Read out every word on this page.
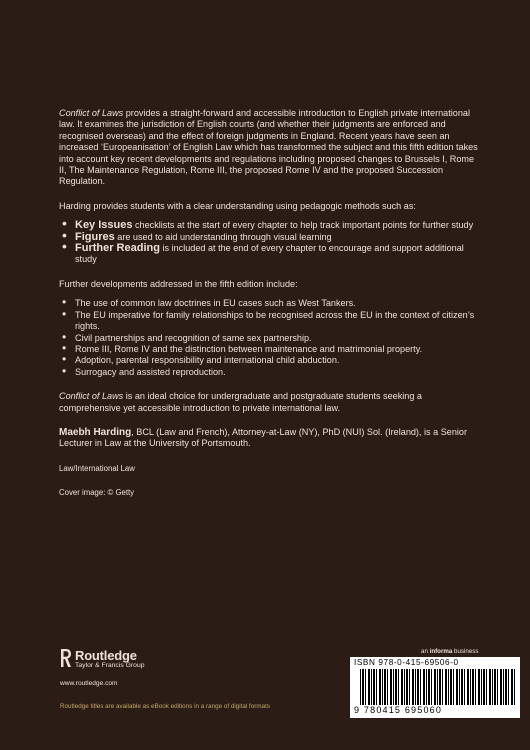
Conflict of Laws provides a straight-forward and accessible introduction to English private international law. It examines the jurisdiction of English courts (and whether their judgments are enforced and recognised overseas) and the effect of foreign judgments in England. Recent years have seen an increased ‘Europeanisation’ of English Law which has transformed the subject and this fifth edition takes into account key recent developments and regulations including proposed changes to Brussels I, Rome II, The Maintenance Regulation, Rome III, the proposed Rome IV and the proposed Succession Regulation.

Harding provides students with a clear understanding using pedagogic methods such as:

• Key Issues checklists at the start of every chapter to help track important points for further study
• Figures are used to aid understanding through visual learning
• Further Reading is included at the end of every chapter to encourage and support additional study

Further developments addressed in the fifth edition include:

• The use of common law doctrines in EU cases such as West Tankers.
• The EU imperative for family relationships to be recognised across the EU in the context of citizen’s rights.
• Civil partnerships and recognition of same sex partnership.
• Rome III, Rome IV and the distinction between maintenance and matrimonial property.
• Adoption, parental responsibility and international child abduction.
• Surrogacy and assisted reproduction.

Conflict of Laws is an ideal choice for undergraduate and postgraduate students seeking a comprehensive yet accessible introduction to private international law.

Maebh Harding, BCL (Law and French), Attorney-at-Law (NY), PhD (NUI) Sol. (Ireland), is a Senior Lecturer in Law at the University of Portsmouth.

Law/International Law

Cover image: © Getty

Routledge
Taylor & Francis Group
www.routledge.com
Routledge titles are available as eBook editions in a range of digital formats
an informa business
ISBN 978-0-415-69506-0
9 780415 695060
